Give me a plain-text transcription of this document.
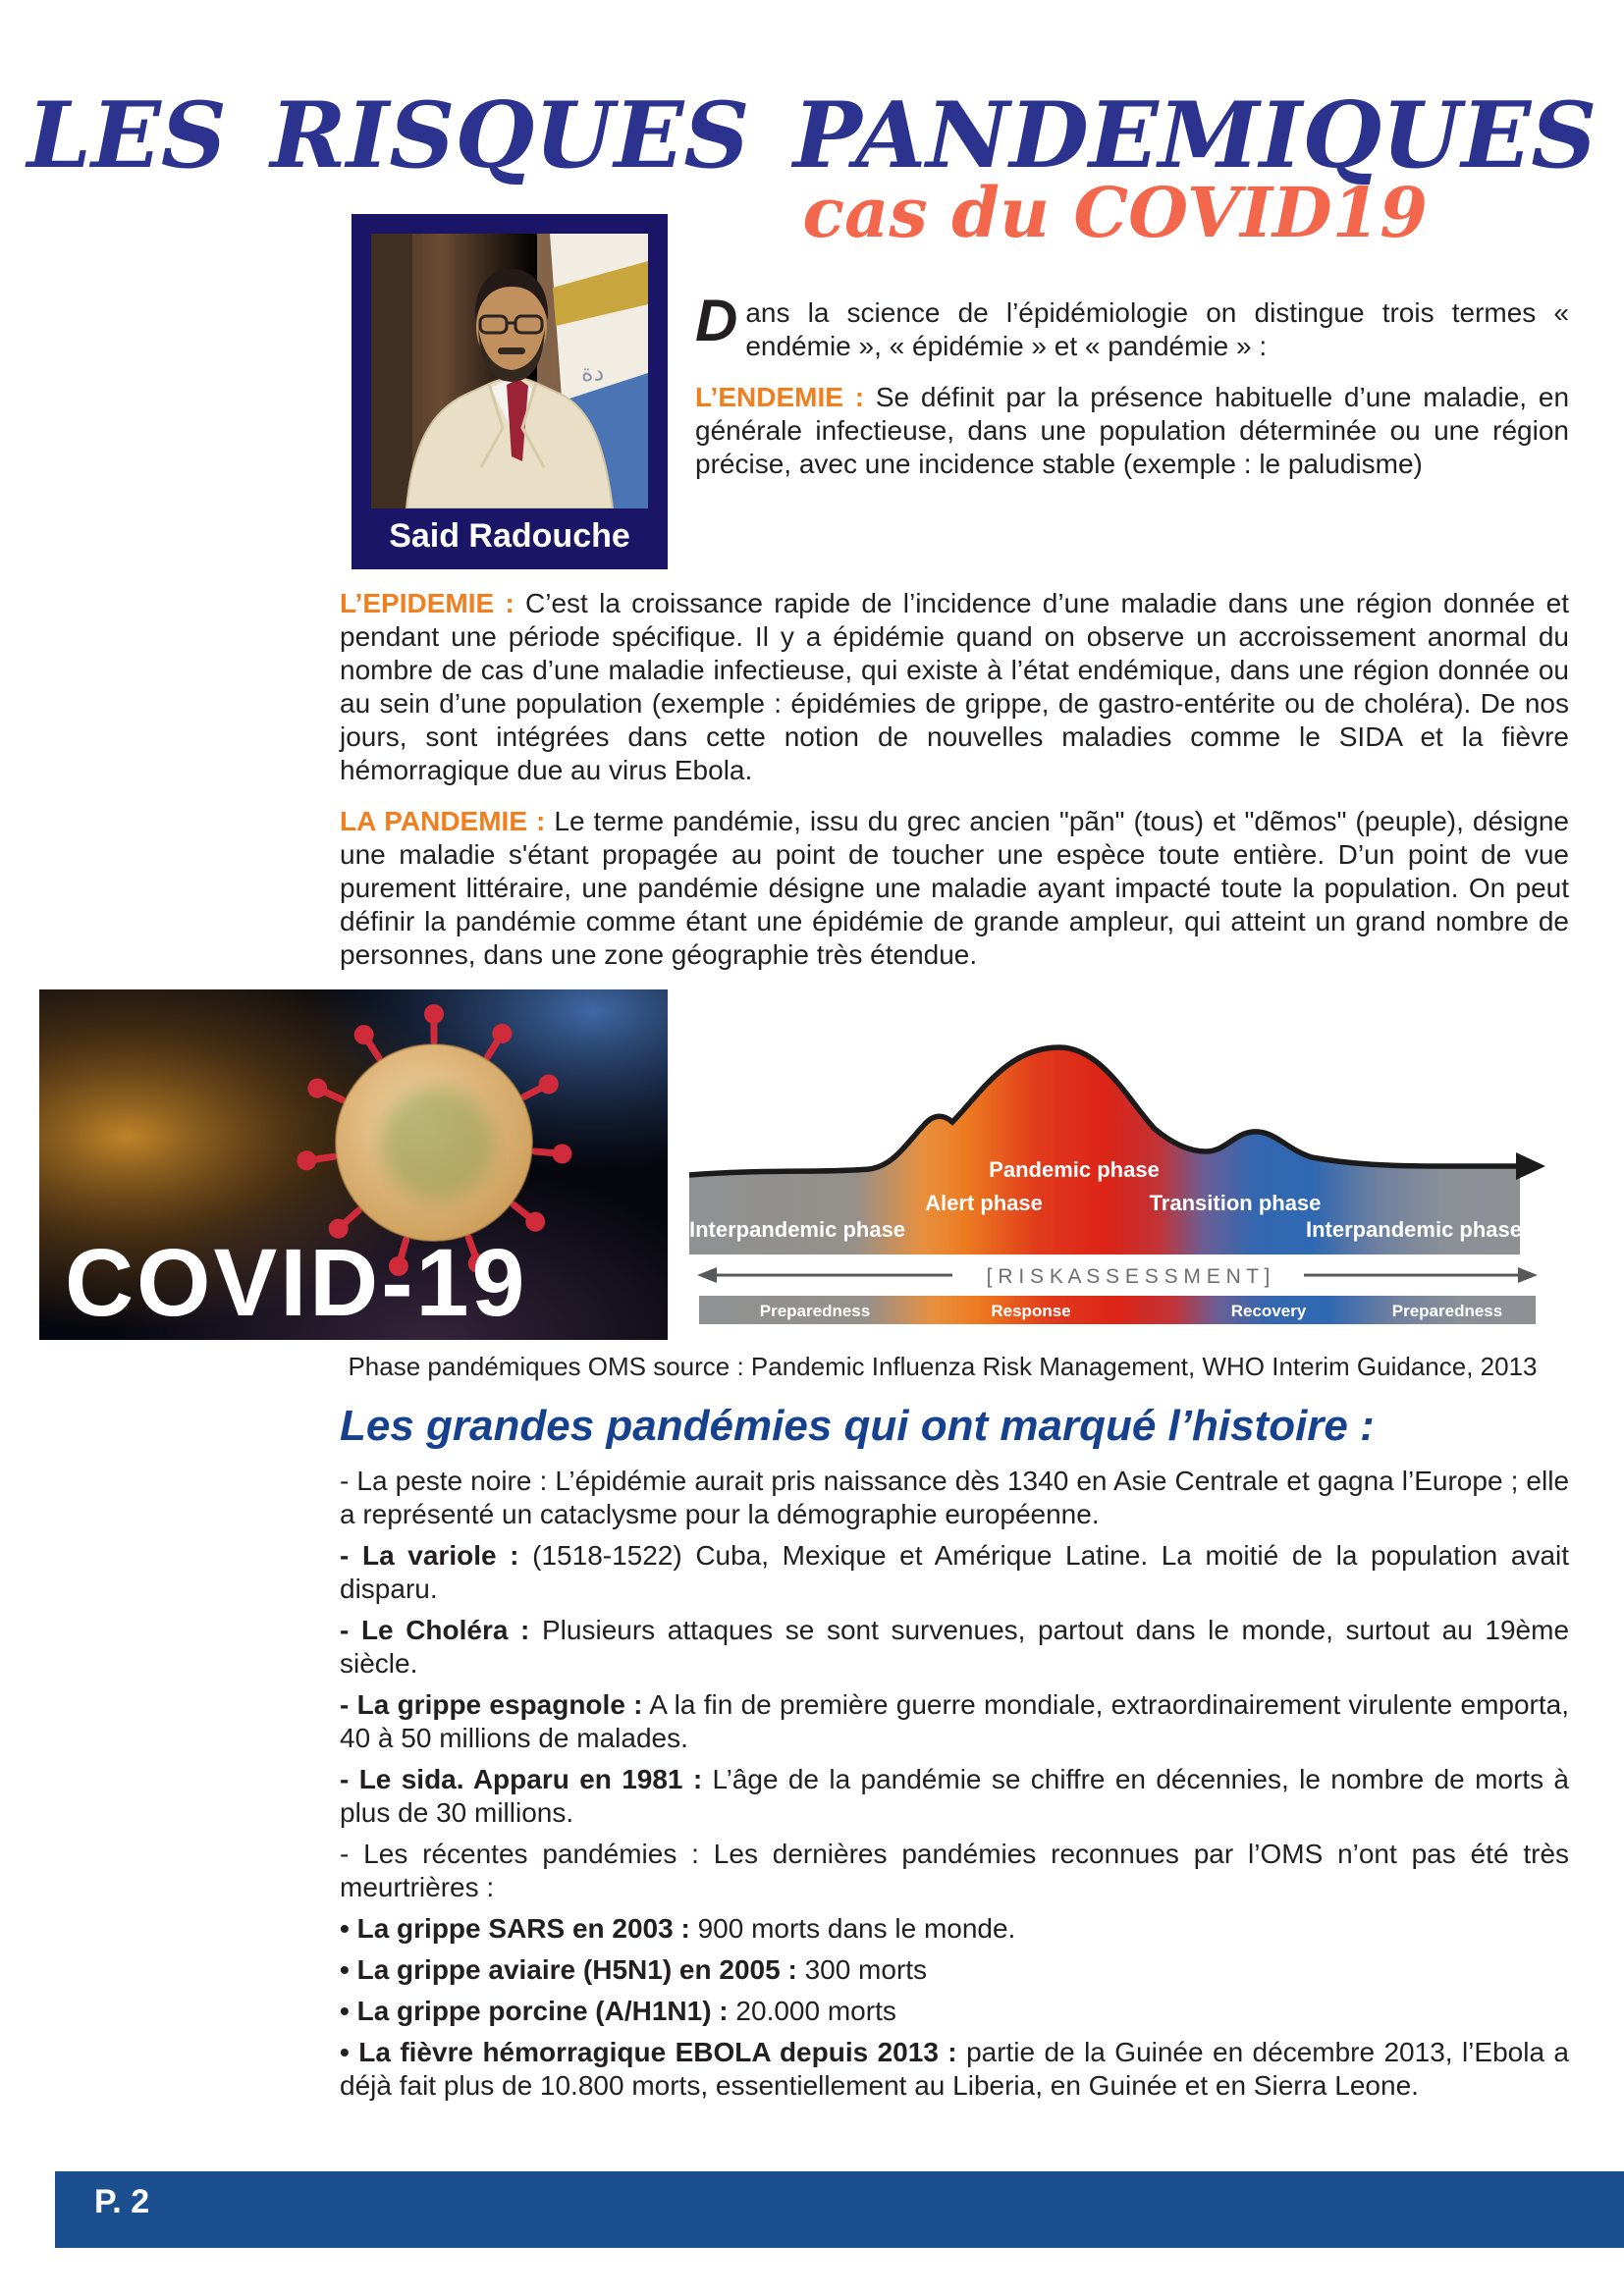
LES RISQUES PANDEMIQUES
cas du COVID19
دة
Said Radouche

Dans la science de l’épidémiologie on distingue trois termes « endémie », « épidémie » et « pandémie » :

L’ENDEMIE : Se définit par la présence habituelle d’une maladie, en générale infectieuse, dans une population déterminée ou une région précise, avec une incidence stable (exemple : le paludisme)

L’EPIDEMIE : C’est la croissance rapide de l’incidence d’une maladie dans une région donnée et pendant une période spécifique. Il y a épidémie quand on observe un accroissement anormal du nombre de cas d’une maladie infectieuse, qui existe à l’état endémique, dans une région donnée ou au sein d’une population (exemple : épidémies de grippe, de gastro-entérite ou de choléra). De nos jours, sont intégrées dans cette notion de nouvelles maladies comme le SIDA et la fièvre hémorragique due au virus Ebola.
LA PANDEMIE : Le terme pandémie, issu du grec ancien "pãn" (tous) et "dẽmos" (peuple), désigne une maladie s'étant propagée au point de toucher une espèce toute entière. D’un point de vue purement littéraire, une pandémie désigne une maladie ayant impacté toute la population. On peut définir la pandémie comme étant une épidémie de grande ampleur, qui atteint un grand nombre de personnes, dans une zone géographie très étendue.
COVID-19
Pandemic phase
Alert phase	Transition phase
Interpandemic phase	Interpandemic phase
[ R I S K A S S E S S M E N T ]
Preparedness	Response	Recovery	Preparedness
Phase pandémiques OMS source : Pandemic Influenza Risk Management, WHO Interim Guidance, 2013
Les grandes pandémies qui ont marqué l’histoire :
- La peste noire : L’épidémie aurait pris naissance dès 1340 en Asie Centrale et gagna l’Europe ; elle a représenté un cataclysme pour la démographie européenne.
- La variole : (1518-1522) Cuba, Mexique et Amérique Latine. La moitié de la population avait disparu.
- Le Choléra : Plusieurs attaques se sont survenues, partout dans le monde, surtout au 19ème siècle.
- La grippe espagnole : A la fin de première guerre mondiale, extraordinairement virulente emporta, 40 à 50 millions de malades.
- Le sida. Apparu en 1981 : L’âge de la pandémie se chiffre en décennies, le nombre de morts à plus de 30 millions.
- Les récentes pandémies : Les dernières pandémies reconnues par l’OMS n’ont pas été très meurtrières :
• La grippe SARS en 2003 : 900 morts dans le monde.
• La grippe aviaire (H5N1) en 2005 : 300 morts
• La grippe porcine (A/H1N1) : 20.000 morts
• La fièvre hémorragique EBOLA depuis 2013 : partie de la Guinée en décembre 2013, l’Ebola a déjà fait plus de 10.800 morts, essentiellement au Liberia, en Guinée et en Sierra Leone.
P. 2
